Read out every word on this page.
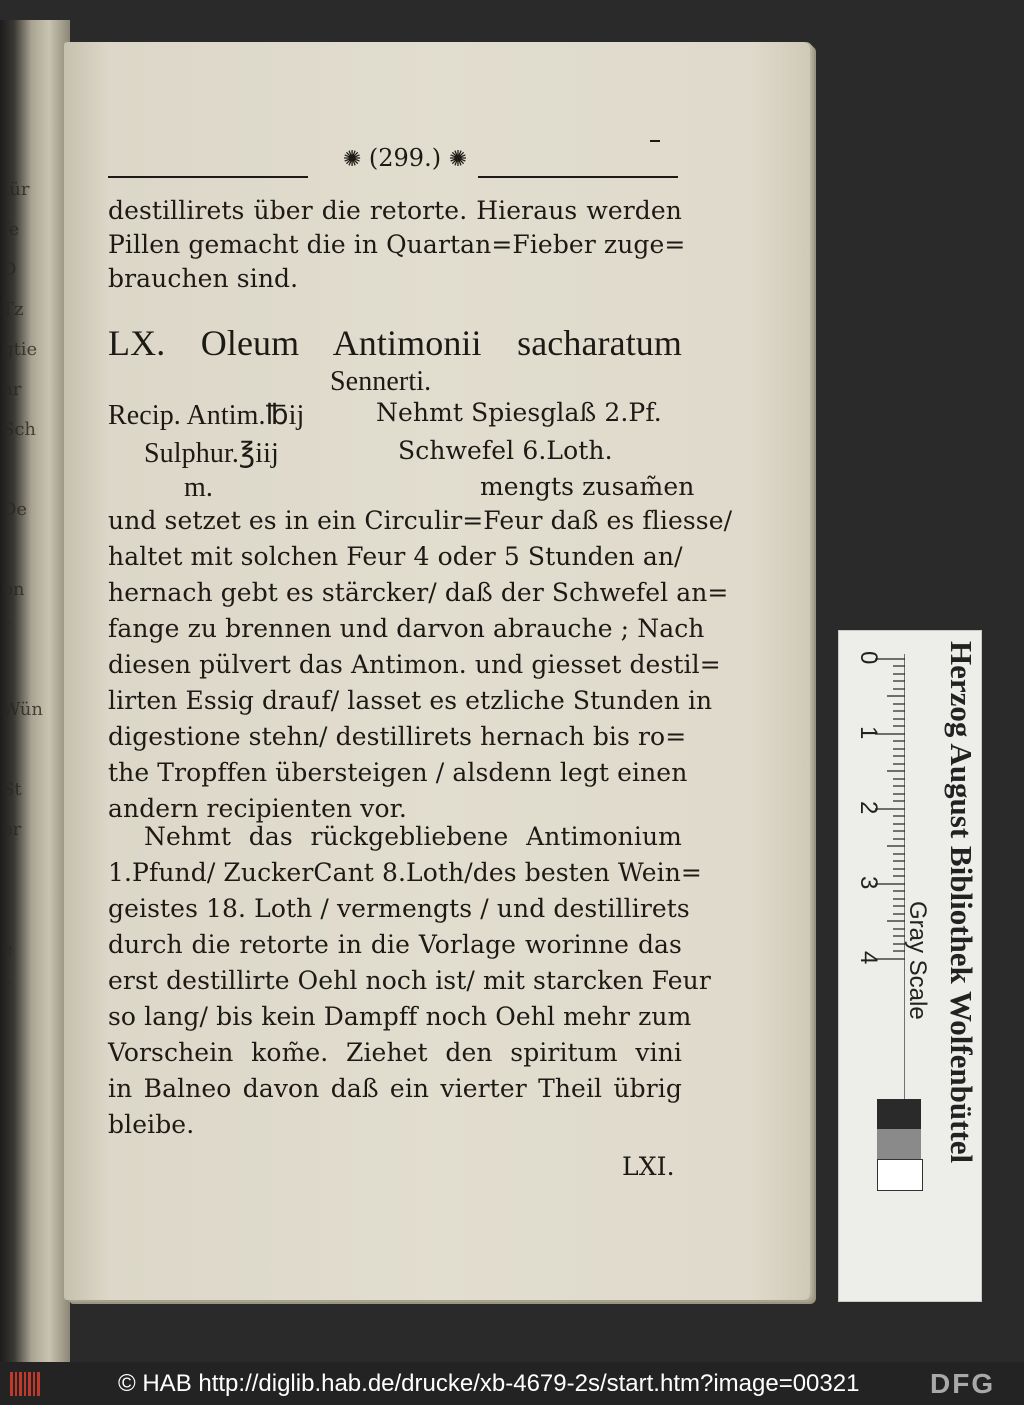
tür
fe
D
Tz
gtie
ar
Sch

De

on
f

Wün

St
er

e
f
✺ (299.) ✺
destillirets über die retorte. Hieraus werden
Pillen gemacht die in Quartan=Fieber zuge=
brauchen sind.
LX. Oleum Antimonii sacharatum
Sennerti.
Recip. Antim.℔ij	Nehmt Spiesglaß 2.Pf.
Sulphur.℥iij	Schwefel 6.Loth.
m.	mengts zusam̃en
und setzet es in ein Circulir=Feur daß es fliesse/
haltet mit solchen Feur 4 oder 5 Stunden an/
hernach gebt es stärcker/ daß der Schwefel an=
fange zu brennen und darvon abrauche ; Nach
diesen pülvert das Antimon. und giesset destil=
lirten Essig drauf/ lasset es etzliche Stunden in
digestione stehn/ destillirets hernach bis ro=
the Tropffen übersteigen / alsdenn legt einen
andern recipienten vor.
Nehmt das rückgebliebene Antimonium
1.Pfund/ ZuckerCant 8.Loth/des besten Wein=
geistes 18. Loth / vermengts / und destillirets
durch die retorte in die Vorlage worinne das
erst destillirte Oehl noch ist/ mit starcken Feur
so lang/ bis kein Dampff noch Oehl mehr zum
Vorschein kom̃e. Ziehet den spiritum vini
in Balneo davon daß ein vierter Theil übrig
bleibe.
LXI.
0
1
2
3
4 Gray Scale Herzog August Bibliothek Wolfenbüttel
© HAB http://diglib.hab.de/drucke/xb-4679-2s/start.htm?image=00321	DFG
